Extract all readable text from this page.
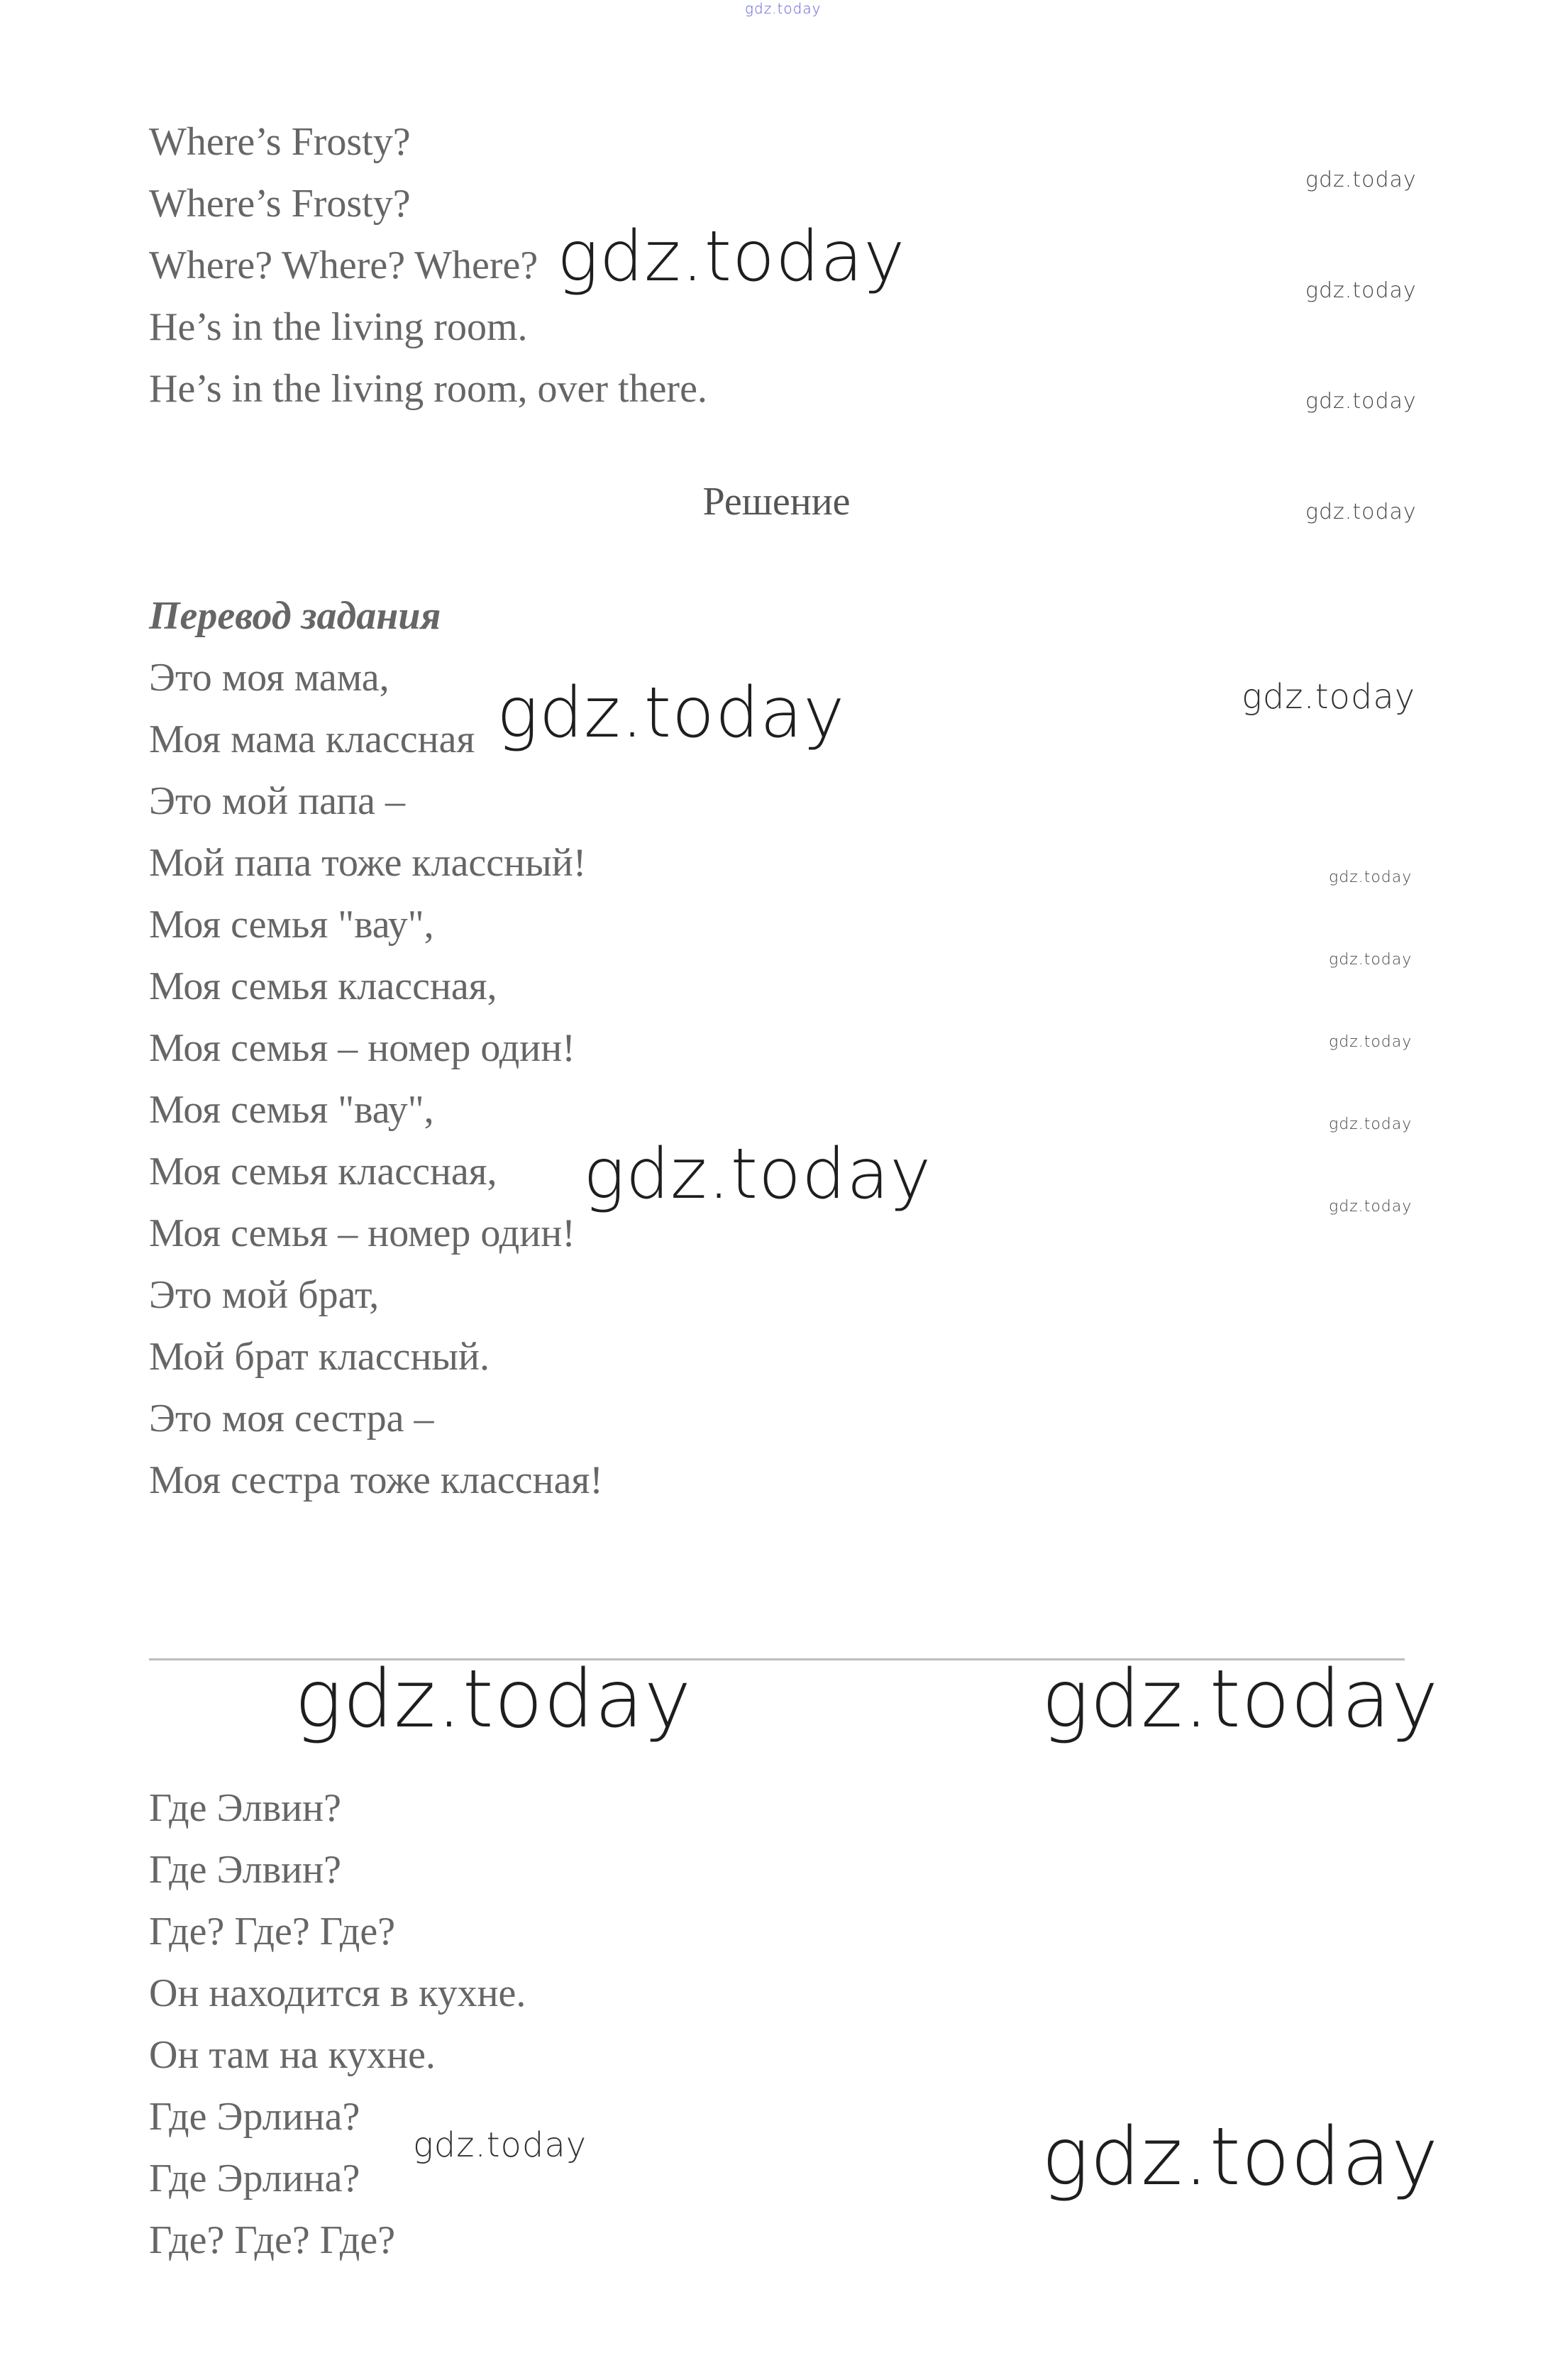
gdz.today
Where’s Frosty?
Where’s Frosty?
Where? Where? Where?
He’s in the living room.
He’s in the living room, over there.
Решение
Перевод задания
Это моя мама,
Моя мама классная
Это мой папа –
Мой папа тоже классный!
Моя семья "вау",
Моя семья классная,
Моя семья – номер один!
Моя семья "вау",
Моя семья классная,
Моя семья – номер один!
Это мой брат,
Мой брат классный.
Это моя сестра –
Моя сестра тоже классная!
Где Элвин?
Где Элвин?
Где? Где? Где?
Он находится в кухне.
Он там на кухне.
Где Эрлина?
Где Эрлина?
Где? Где? Где?
gdz.today
gdz.today
gdz.today
gdz.today	gdz.today
gdz.today	gdz.today
gdz.today
gdz.today
gdz.today
gdz.today
gdz.today
gdz.today
gdz.today
gdz.today
gdz.today
gdz.today
